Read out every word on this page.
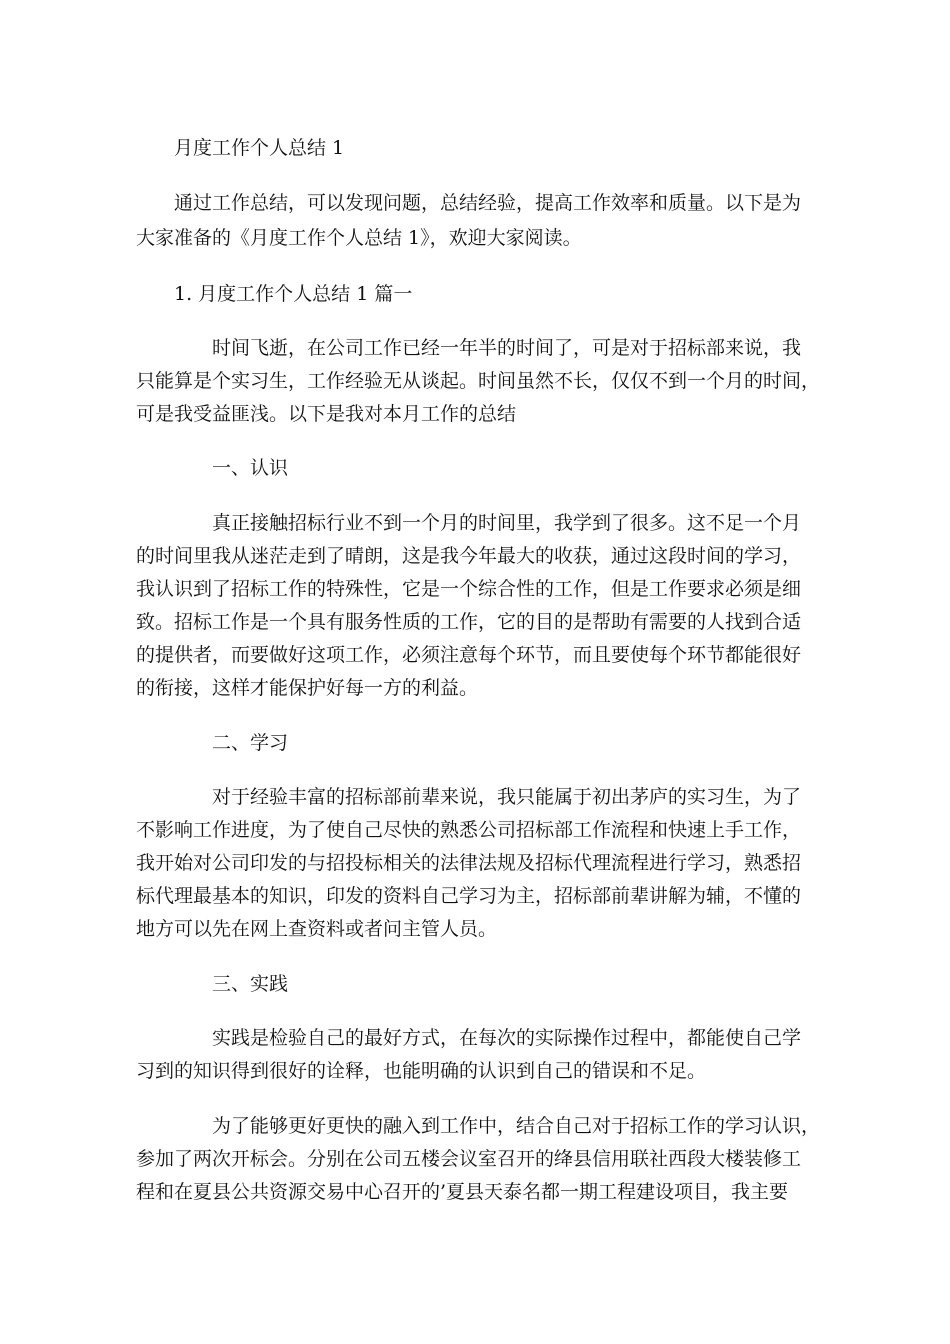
月度工作个人总结 1

通过工作总结，可以发现问题，总结经验，提高工作效率和质量。以下是为

大家准备的《月度工作个人总结 1》，欢迎大家阅读。

1. 月度工作个人总结 1 篇一

时间飞逝，在公司工作已经一年半的时间了，可是对于招标部来说，我

只能算是个实习生，工作经验无从谈起。时间虽然不长，仅仅不到一个月的时间，

可是我受益匪浅。以下是我对本月工作的总结

一、认识

真正接触招标行业不到一个月的时间里，我学到了很多。这不足一个月

的时间里我从迷茫走到了晴朗，这是我今年最大的收获，通过这段时间的学习，

我认识到了招标工作的特殊性，它是一个综合性的工作，但是工作要求必须是细

致。招标工作是一个具有服务性质的工作，它的目的是帮助有需要的人找到合适

的提供者，而要做好这项工作，必须注意每个环节，而且要使每个环节都能很好

的衔接，这样才能保护好每一方的利益。

二、学习

对于经验丰富的招标部前辈来说，我只能属于初出茅庐的实习生，为了

不影响工作进度，为了使自己尽快的熟悉公司招标部工作流程和快速上手工作，

我开始对公司印发的与招投标相关的法律法规及招标代理流程进行学习，熟悉招

标代理最基本的知识，印发的资料自己学习为主，招标部前辈讲解为辅，不懂的

地方可以先在网上查资料或者问主管人员。

三、实践

实践是检验自己的最好方式，在每次的实际操作过程中，都能使自己学

习到的知识得到很好的诠释，也能明确的认识到自己的错误和不足。

为了能够更好更快的融入到工作中，结合自己对于招标工作的学习认识，

参加了两次开标会。分别在公司五楼会议室召开的绛县信用联社西段大楼装修工

程和在夏县公共资源交易中心召开的’夏县天泰名都一期工程建设项目，我主要
